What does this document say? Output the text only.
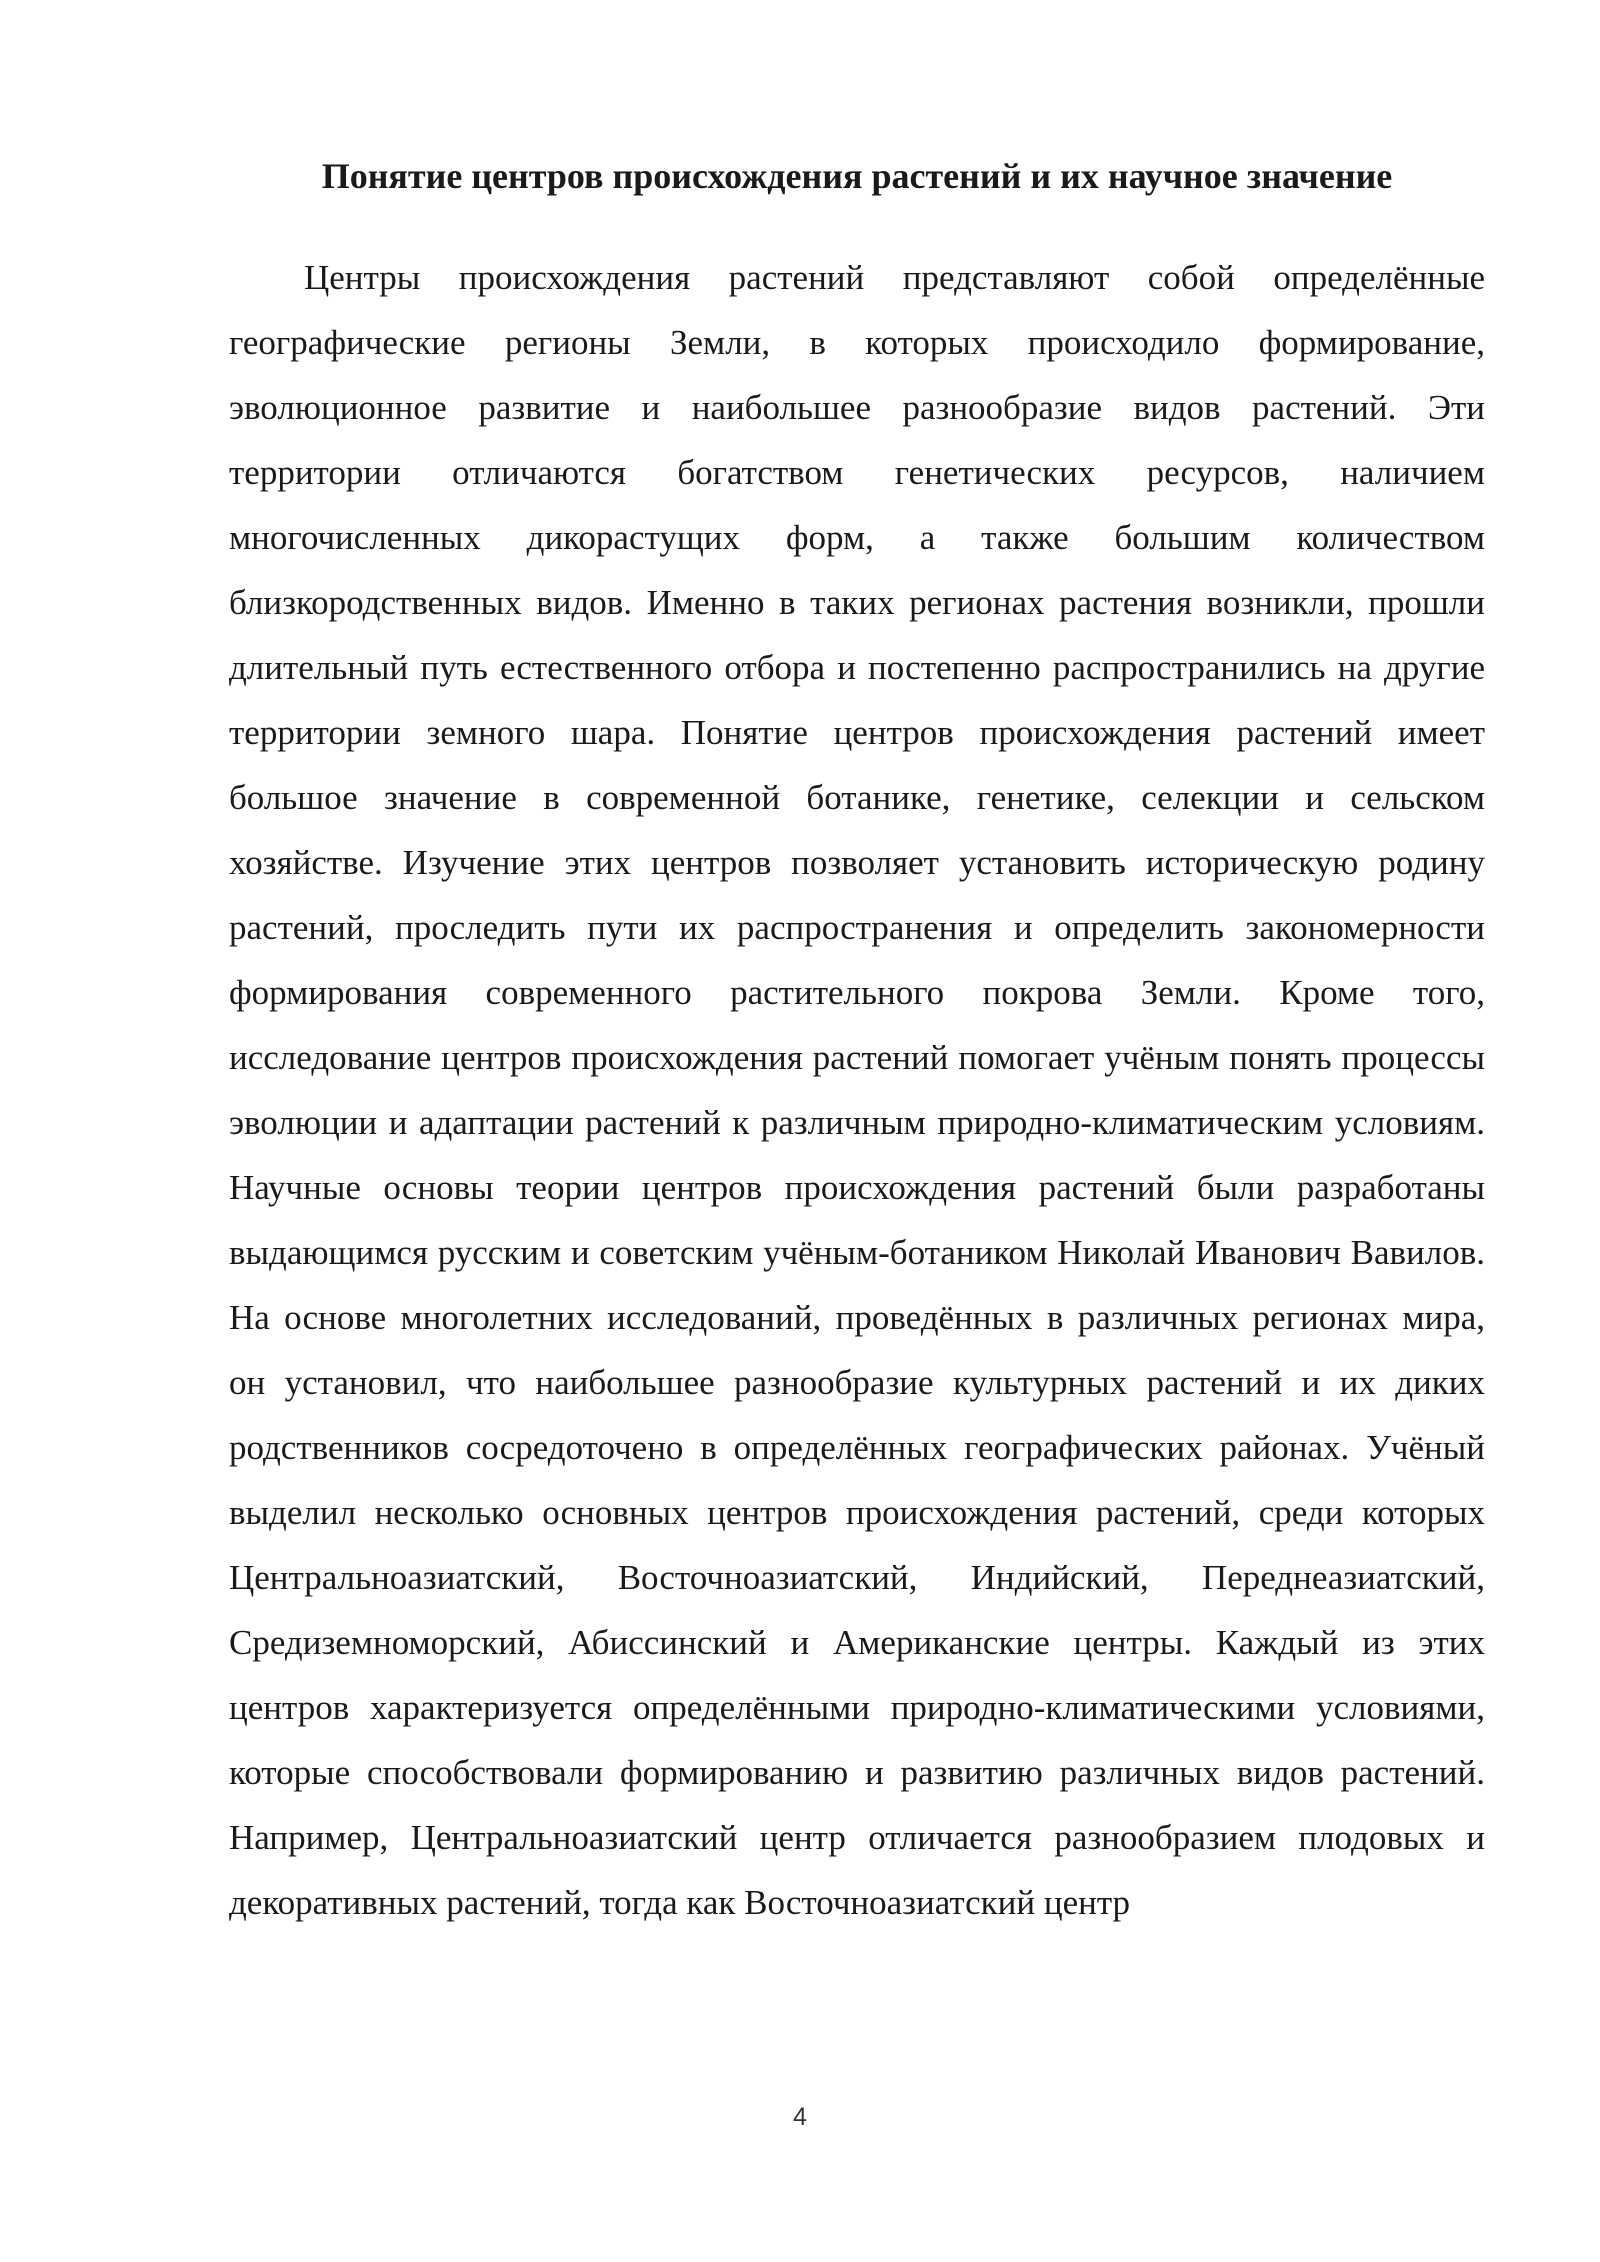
Понятие центров происхождения растений и их научное значение

Центры происхождения растений представляют собой определённые географические регионы Земли, в которых происходило формирование, эволюционное развитие и наибольшее разнообразие видов растений. Эти территории отличаются богатством генетических ресурсов, наличием многочисленных дикорастущих форм, а также большим количеством близкородственных видов. Именно в таких регионах растения возникли, прошли длительный путь естественного отбора и постепенно распространились на другие территории земного шара. Понятие центров происхождения растений имеет большое значение в современной ботанике, генетике, селекции и сельском хозяйстве. Изучение этих центров позволяет установить историческую родину растений, проследить пути их распространения и определить закономерности формирования современного растительного покрова Земли. Кроме того, исследование центров происхождения растений помогает учёным понять процессы эволюции и адаптации растений к различным природно-климатическим условиям. Научные основы теории центров происхождения растений были разработаны выдающимся русским и советским учёным-ботаником Николай Иванович Вавилов. На основе многолетних исследований, проведённых в различных регионах мира, он установил, что наибольшее разнообразие культурных растений и их диких родственников сосредоточено в определённых географических районах. Учёный выделил несколько основных центров происхождения растений, среди которых Центральноазиатский, Восточноазиатский, Индийский, Переднеазиатский, Средиземноморский, Абиссинский и Американские центры. Каждый из этих центров характеризуется определёнными природно-климатическими условиями, которые способствовали формированию и развитию различных видов растений. Например, Центральноазиатский центр отличается разнообразием плодовых и декоративных растений, тогда как Восточноазиатский центр

4
